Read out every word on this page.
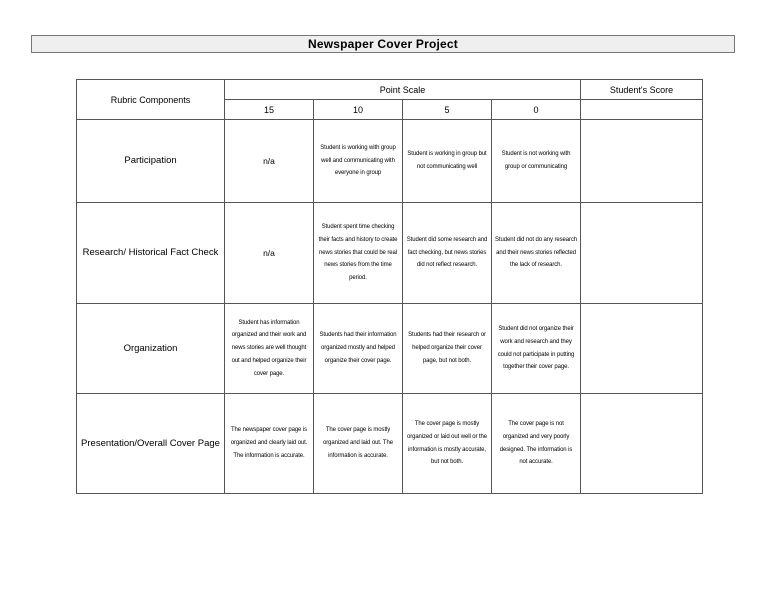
Newspaper Cover Project
Rubric Components	Point Scale				Student's Score
	15	10	5	0	
Participation	n/a	Student is working with group well and communicating with everyone in group	Student is working in group but not communicating well	Student is not working with group or communicating	
Research/ Historical Fact Check	n/a	Student spent time checking their facts and history to create news stories that could be real news stories from the time period.	Student did some research and fact checking, but news stories did not reflect research.	Student did not do any research and their news stories reflected the lack of research.	
Organization	Student has information organized and their work and news stories are well thought out and helped organize their cover page.	Students had their information organized mostly and helped organize their cover page.	Students had their research or helped organize their cover page, but not both.	Student did not organize their work and research and they could not participate in putting together their cover page.	
Presentation/Overall Cover Page	The newspaper cover page is organized and clearly laid out. The information is accurate.	The cover page is mostly organized and laid out. The information is accurate.	The cover page is mostly organized or laid out well or the information is mostly accurate, but not both.	The cover page is not organized and very poorly designed. The information is not accurate.	
